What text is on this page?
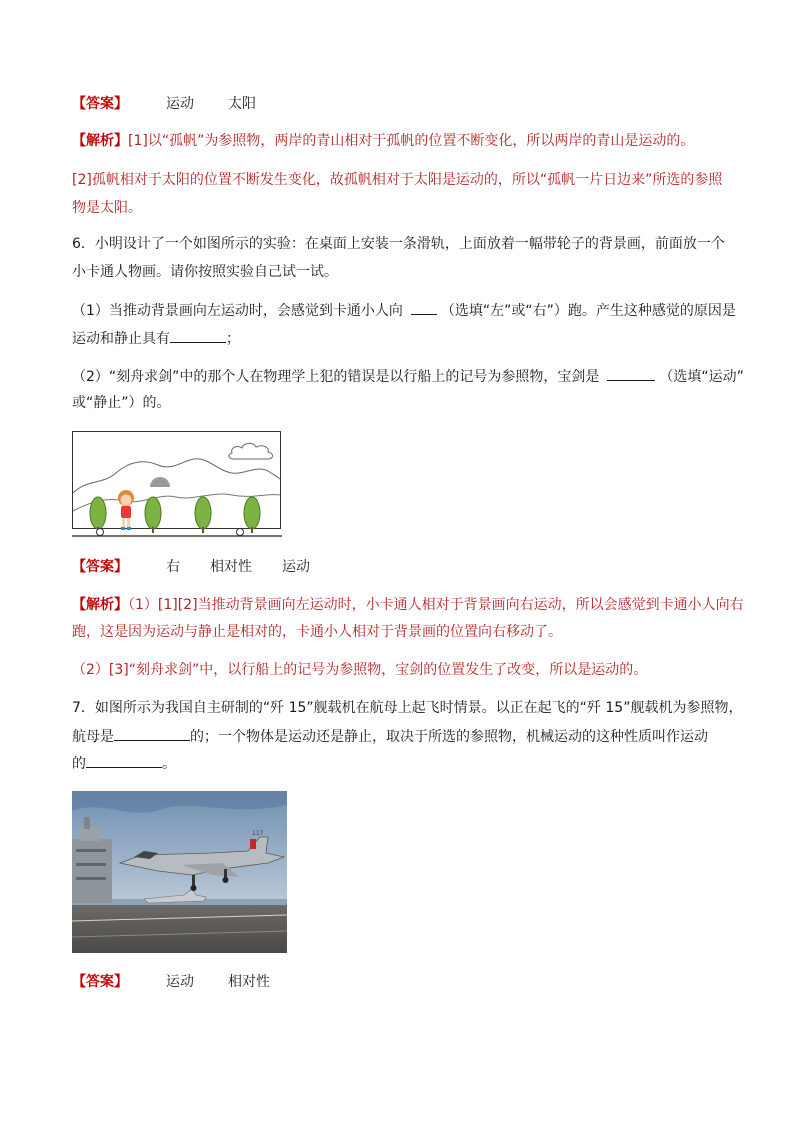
【答案】	运动 太阳
【解析】[1]以“孤帆”为参照物，两岸的青山相对于孤帆的位置不断变化，所以两岸的青山是运动的。
[2]孤帆相对于太阳的位置不断发生变化，故孤帆相对于太阳是运动的，所以“孤帆一片日边来”所选的参照
物是太阳。
6．小明设计了一个如图所示的实验：在桌面上安装一条滑轨，上面放着一幅带轮子的背景画，前面放一个
小卡通人物画。请你按照实验自己试一试。
（1）当推动背景画向左运动时，会感觉到卡通小人向	（选填“左”或“右”）跑。产生这种感觉的原因是
运动和静止具有	；
（2）“刻舟求剑”中的那个人在物理学上犯的错误是以行船上的记号为参照物，宝剑是	（选填“运动”
或“静止”）的。
【答案】	右 相对性 运动
【解析】（1）[1][2]当推动背景画向左运动时，小卡通人相对于背景画向右运动，所以会感觉到卡通小人向右
跑，这是因为运动与静止是相对的，卡通小人相对于背景画的位置向右移动了。
（2）[3]“刻舟求剑”中，以行船上的记号为参照物，宝剑的位置发生了改变，所以是运动的。
7．如图所示为我国自主研制的“歼 15”舰载机在航母上起飞时情景。以正在起飞的“歼 15”舰载机为参照物，
航母是	的；一个物体是运动还是静止，取决于所选的参照物，机械运动的这种性质叫作运动
的	。
117
【答案】	运动 相对性
